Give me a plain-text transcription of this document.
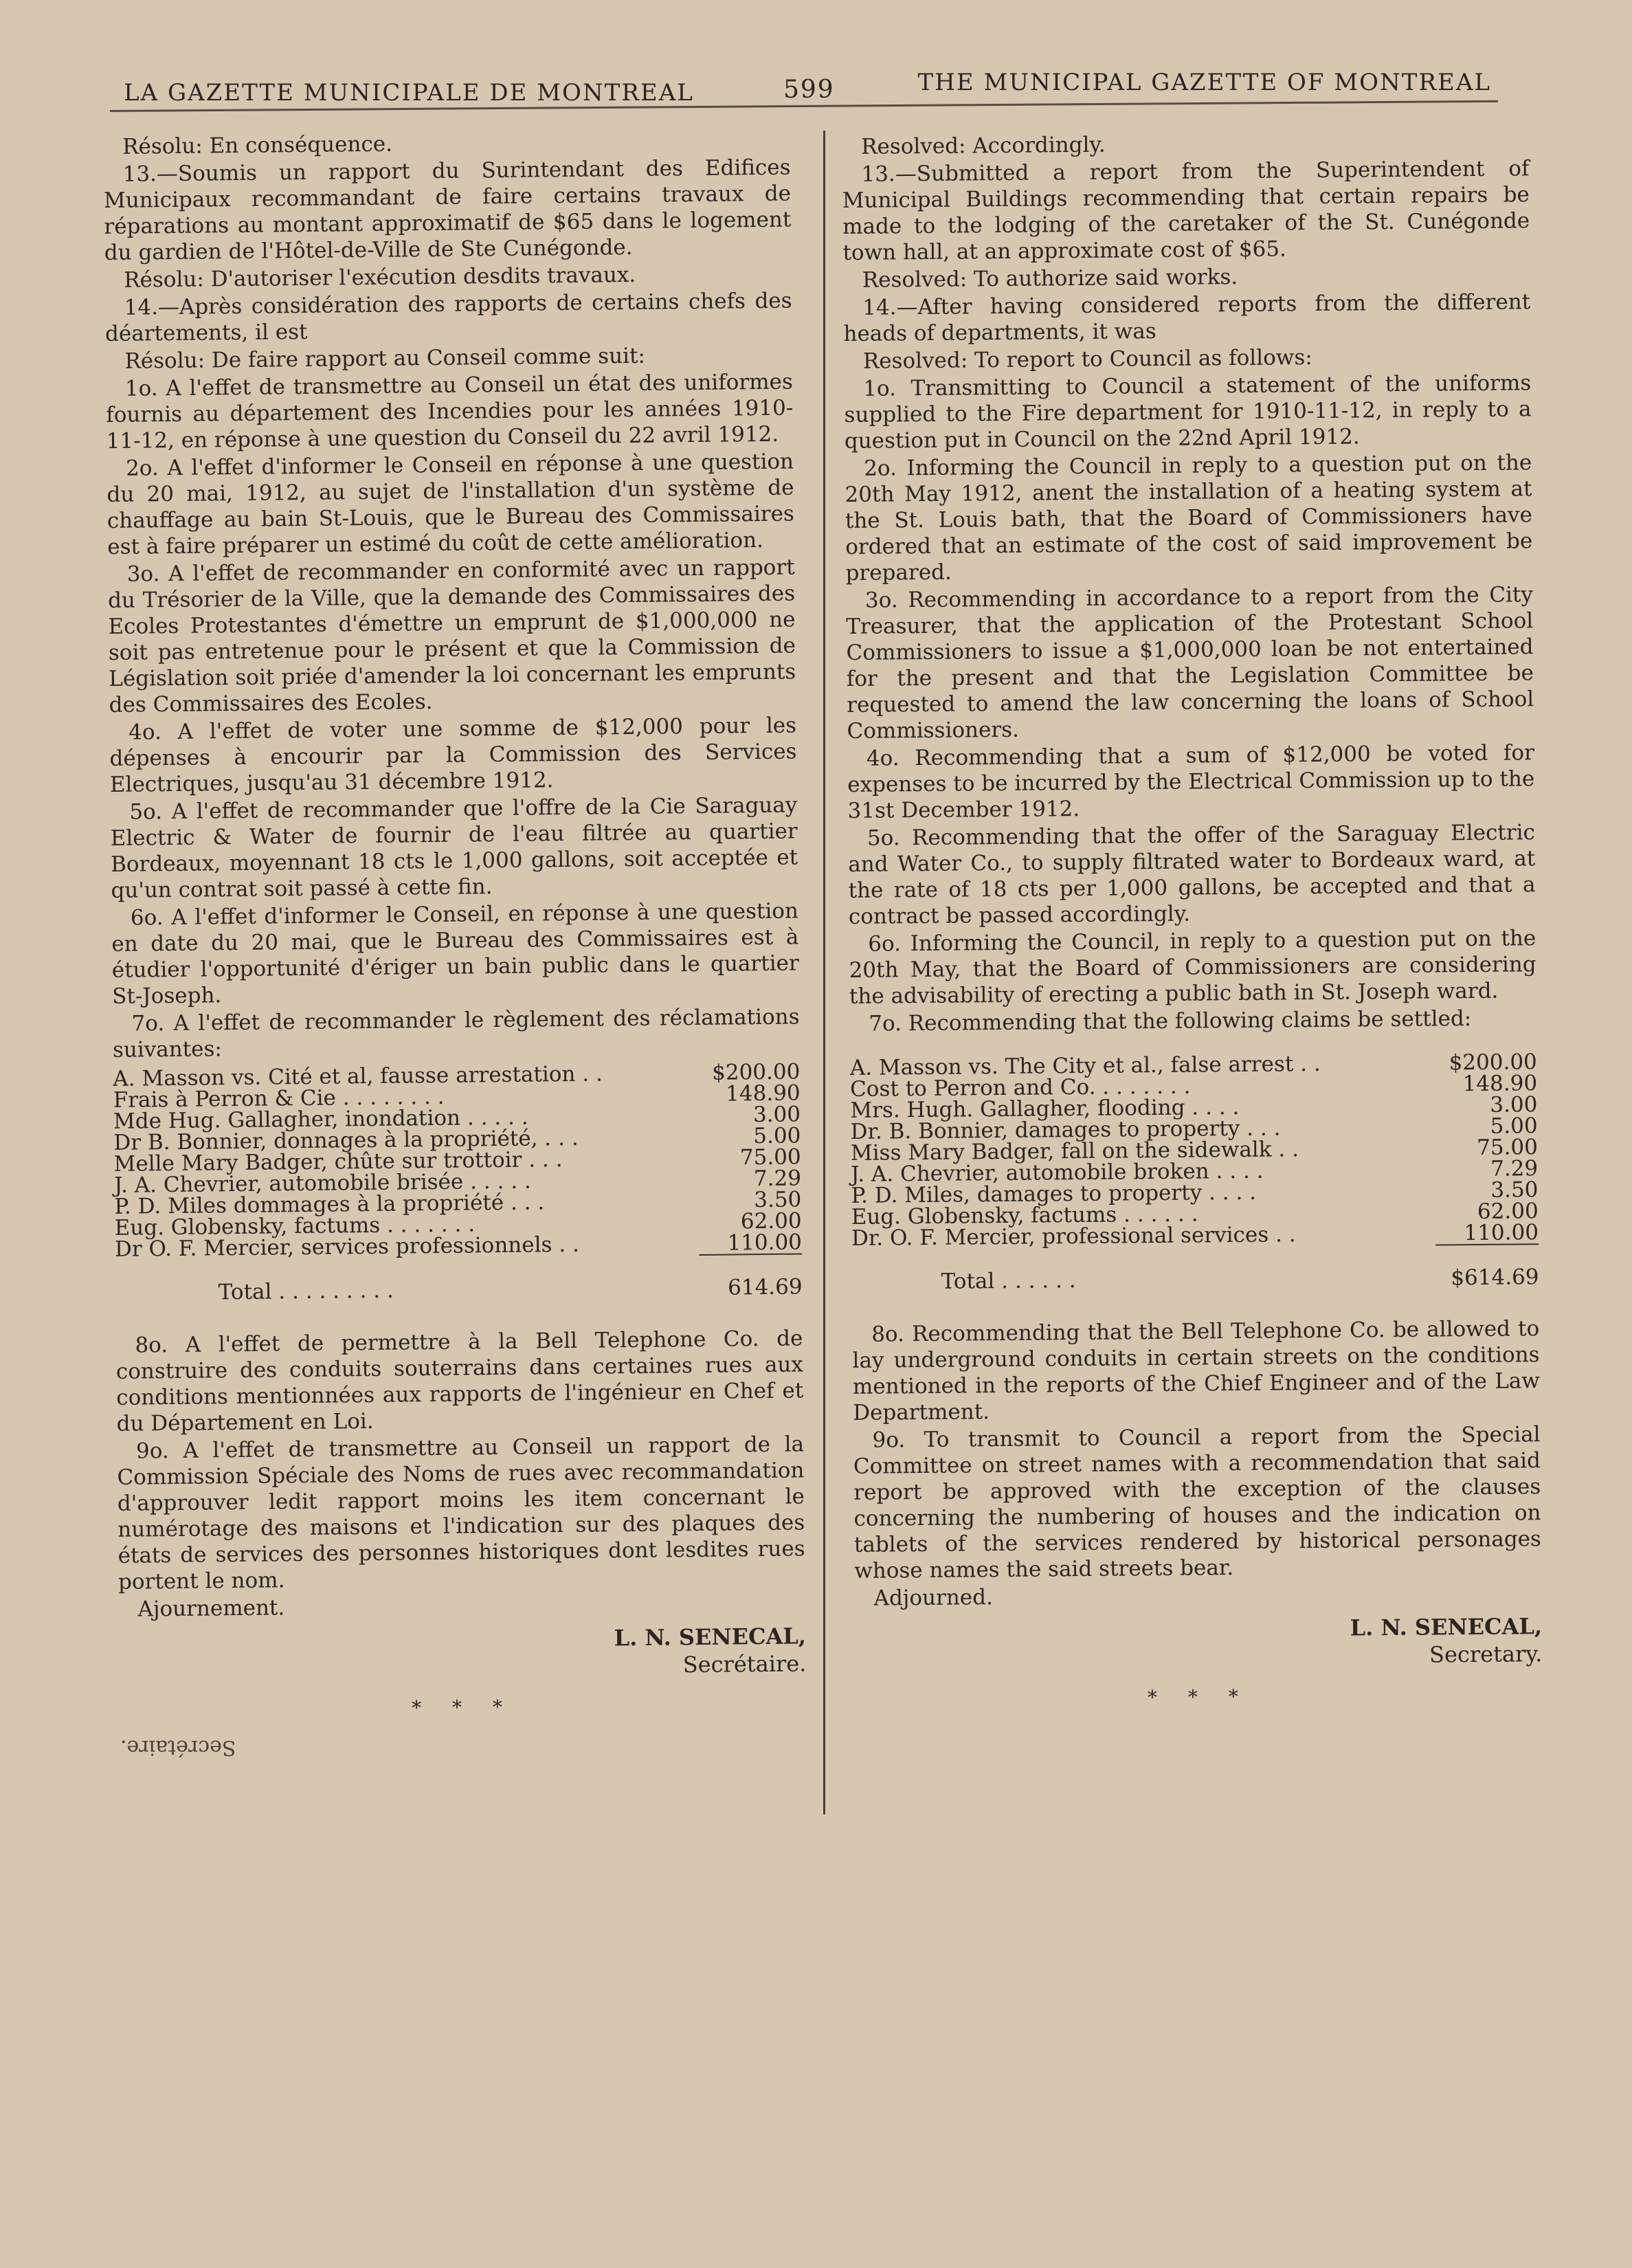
LA GAZETTE MUNICIPALE DE MONTREAL	599	THE MUNICIPAL GAZETTE OF MONTREAL

Résolu: En conséquence.

13.—Soumis un rapport du Surintendant des Edifices Municipaux recommandant de faire certains travaux de réparations au montant approximatif de $65 dans le logement du gardien de l'Hôtel-de-Ville de Ste Cunégonde.

Résolu: D'autoriser l'exécution desdits travaux.

14.—Après considération des rapports de certains chefs des déartements, il est

Résolu: De faire rapport au Conseil comme suit:

1o. A l'effet de transmettre au Conseil un état des uniformes fournis au département des Incendies pour les années 1910-11-12, en réponse à une question du Conseil du 22 avril 1912.

2o. A l'effet d'informer le Conseil en réponse à une question du 20 mai, 1912, au sujet de l'installation d'un système de chauffage au bain St-Louis, que le Bureau des Commissaires est à faire préparer un estimé du coût de cette amélioration.

3o. A l'effet de recommander en conformité avec un rapport du Trésorier de la Ville, que la demande des Commissaires des Ecoles Protestantes d'émettre un emprunt de $1,000,000 ne soit pas entretenue pour le présent et que la Commission de Législation soit priée d'amender la loi concernant les emprunts des Commissaires des Ecoles.

4o. A l'effet de voter une somme de $12,000 pour les dépenses à encourir par la Commission des Services Electriques, jusqu'au 31 décembre 1912.

5o. A l'effet de recommander que l'offre de la Cie Saraguay Electric & Water de fournir de l'eau filtrée au quartier Bordeaux, moyennant 18 cts le 1,000 gallons, soit acceptée et qu'un contrat soit passé à cette fin.

6o. A l'effet d'informer le Conseil, en réponse à une question en date du 20 mai, que le Bureau des Commissaires est à étudier l'opportunité d'ériger un bain public dans le quartier St-Joseph.

7o. A l'effet de recommander le règlement des réclamations suivantes:

A. Masson vs. Cité et al, fausse arrestation . .	$200.00
Frais à Perron & Cie . . . . . . . .	148.90
Mde Hug. Gallagher, inondation . . . . .	3.00
Dr B. Bonnier, donnages à la propriété, . . .	5.00
Melle Mary Badger, chûte sur trottoir . . .	75.00
J. A. Chevrier, automobile brisée . . . . .	7.29
P. D. Miles dommages à la propriété . . .	3.50
Eug. Globensky, factums . . . . . . .	62.00
Dr O. F. Mercier, services professionnels . .	110.00
Total . . . . . . . . .	614.69

8o. A l'effet de permettre à la Bell Telephone Co. de construire des conduits souterrains dans certaines rues aux conditions mentionnées aux rapports de l'ingénieur en Chef et du Département en Loi.

9o. A l'effet de transmettre au Conseil un rapport de la Commission Spéciale des Noms de rues avec recommandation d'approuver ledit rapport moins les item concernant le numérotage des maisons et l'indication sur des plaques des états de services des personnes historiques dont lesdites rues portent le nom.

Ajournement.

L. N. SENECAL,
Secrétaire.
* * *

Resolved: Accordingly.

13.—Submitted a report from the Superintendent of Municipal Buildings recommending that certain repairs be made to the lodging of the caretaker of the St. Cunégonde town hall, at an approximate cost of $65.

Resolved: To authorize said works.

14.—After having considered reports from the different heads of departments, it was

Resolved: To report to Council as follows:

1o. Transmitting to Council a statement of the uniforms supplied to the Fire department for 1910-11-12, in reply to a question put in Council on the 22nd April 1912.

2o. Informing the Council in reply to a question put on the 20th May 1912, anent the installation of a heating system at the St. Louis bath, that the Board of Commissioners have ordered that an estimate of the cost of said improvement be prepared.

3o. Recommending in accordance to a report from the City Treasurer, that the application of the Protestant School Commissioners to issue a $1,000,000 loan be not entertained for the present and that the Legislation Committee be requested to amend the law concerning the loans of School Commissioners.

4o. Recommending that a sum of $12,000 be voted for expenses to be incurred by the Electrical Commission up to the 31st December 1912.

5o. Recommending that the offer of the Saraguay Electric and Water Co., to supply filtrated water to Bordeaux ward, at the rate of 18 cts per 1,000 gallons, be accepted and that a contract be passed accordingly.

6o. Informing the Council, in reply to a question put on the 20th May, that the Board of Commissioners are considering the advisability of erecting a public bath in St. Joseph ward.

7o. Recommending that the following claims be settled:

A. Masson vs. The City et al., false arrest . .	$200.00
Cost to Perron and Co. . . . . . . .	148.90
Mrs. Hugh. Gallagher, flooding . . . .	3.00
Dr. B. Bonnier, damages to property . . .	5.00
Miss Mary Badger, fall on the sidewalk . .	75.00
J. A. Chevrier, automobile broken . . . .	7.29
P. D. Miles, damages to property . . . .	3.50
Eug. Globensky, factums . . . . . .	62.00
Dr. O. F. Mercier, professional services . .	110.00
Total . . . . . .	$614.69

8o. Recommending that the Bell Telephone Co. be allowed to lay underground conduits in certain streets on the conditions mentioned in the reports of the Chief Engineer and of the Law Department.

9o. To transmit to Council a report from the Special Committee on street names with a recommendation that said report be approved with the exception of the clauses concerning the numbering of houses and the indication on tablets of the services rendered by historical personages whose names the said streets bear.

Adjourned.

L. N. SENECAL,
Secretary.
* * *
Secrétaire.
